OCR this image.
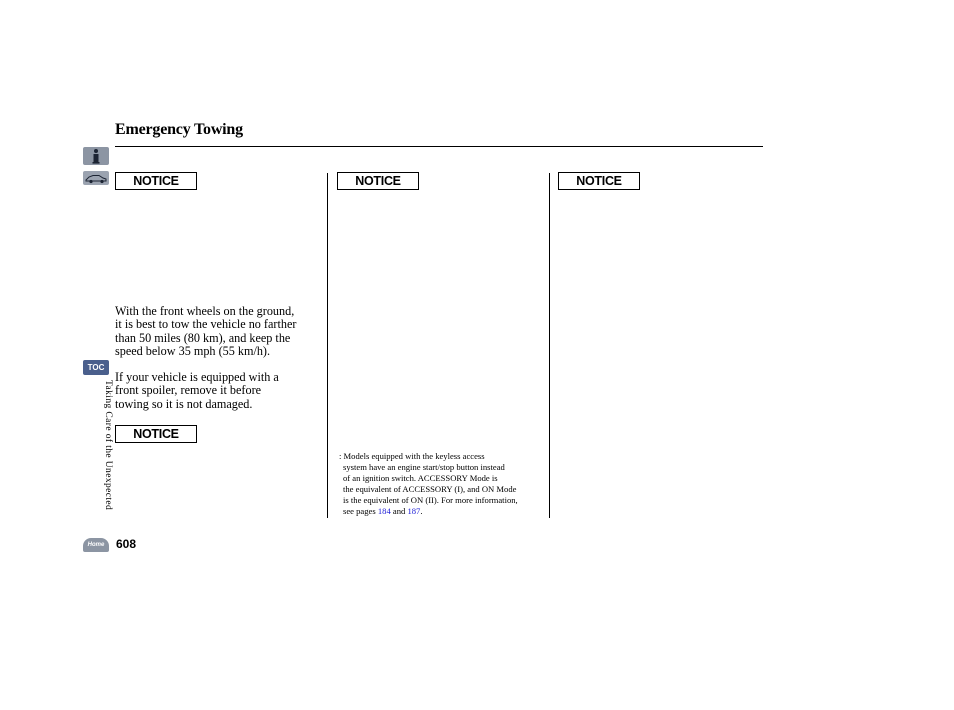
Emergency Towing
TOC
Taking Care of the Unexpected
Home
NOTICE
With the front wheels on the ground,
it is best to tow the vehicle no farther
than 50 miles (80 km), and keep the
speed below 35 mph (55 km/h).
If your vehicle is equipped with a
front spoiler, remove it before
towing so it is not damaged.
NOTICE
NOTICE
: Models equipped with the keyless access
system have an engine start/stop button instead
of an ignition switch. ACCESSORY Mode is
the equivalent of ACCESSORY (I), and ON Mode
is the equivalent of ON (II). For more information,
see pages 184 and 187.
NOTICE
608
